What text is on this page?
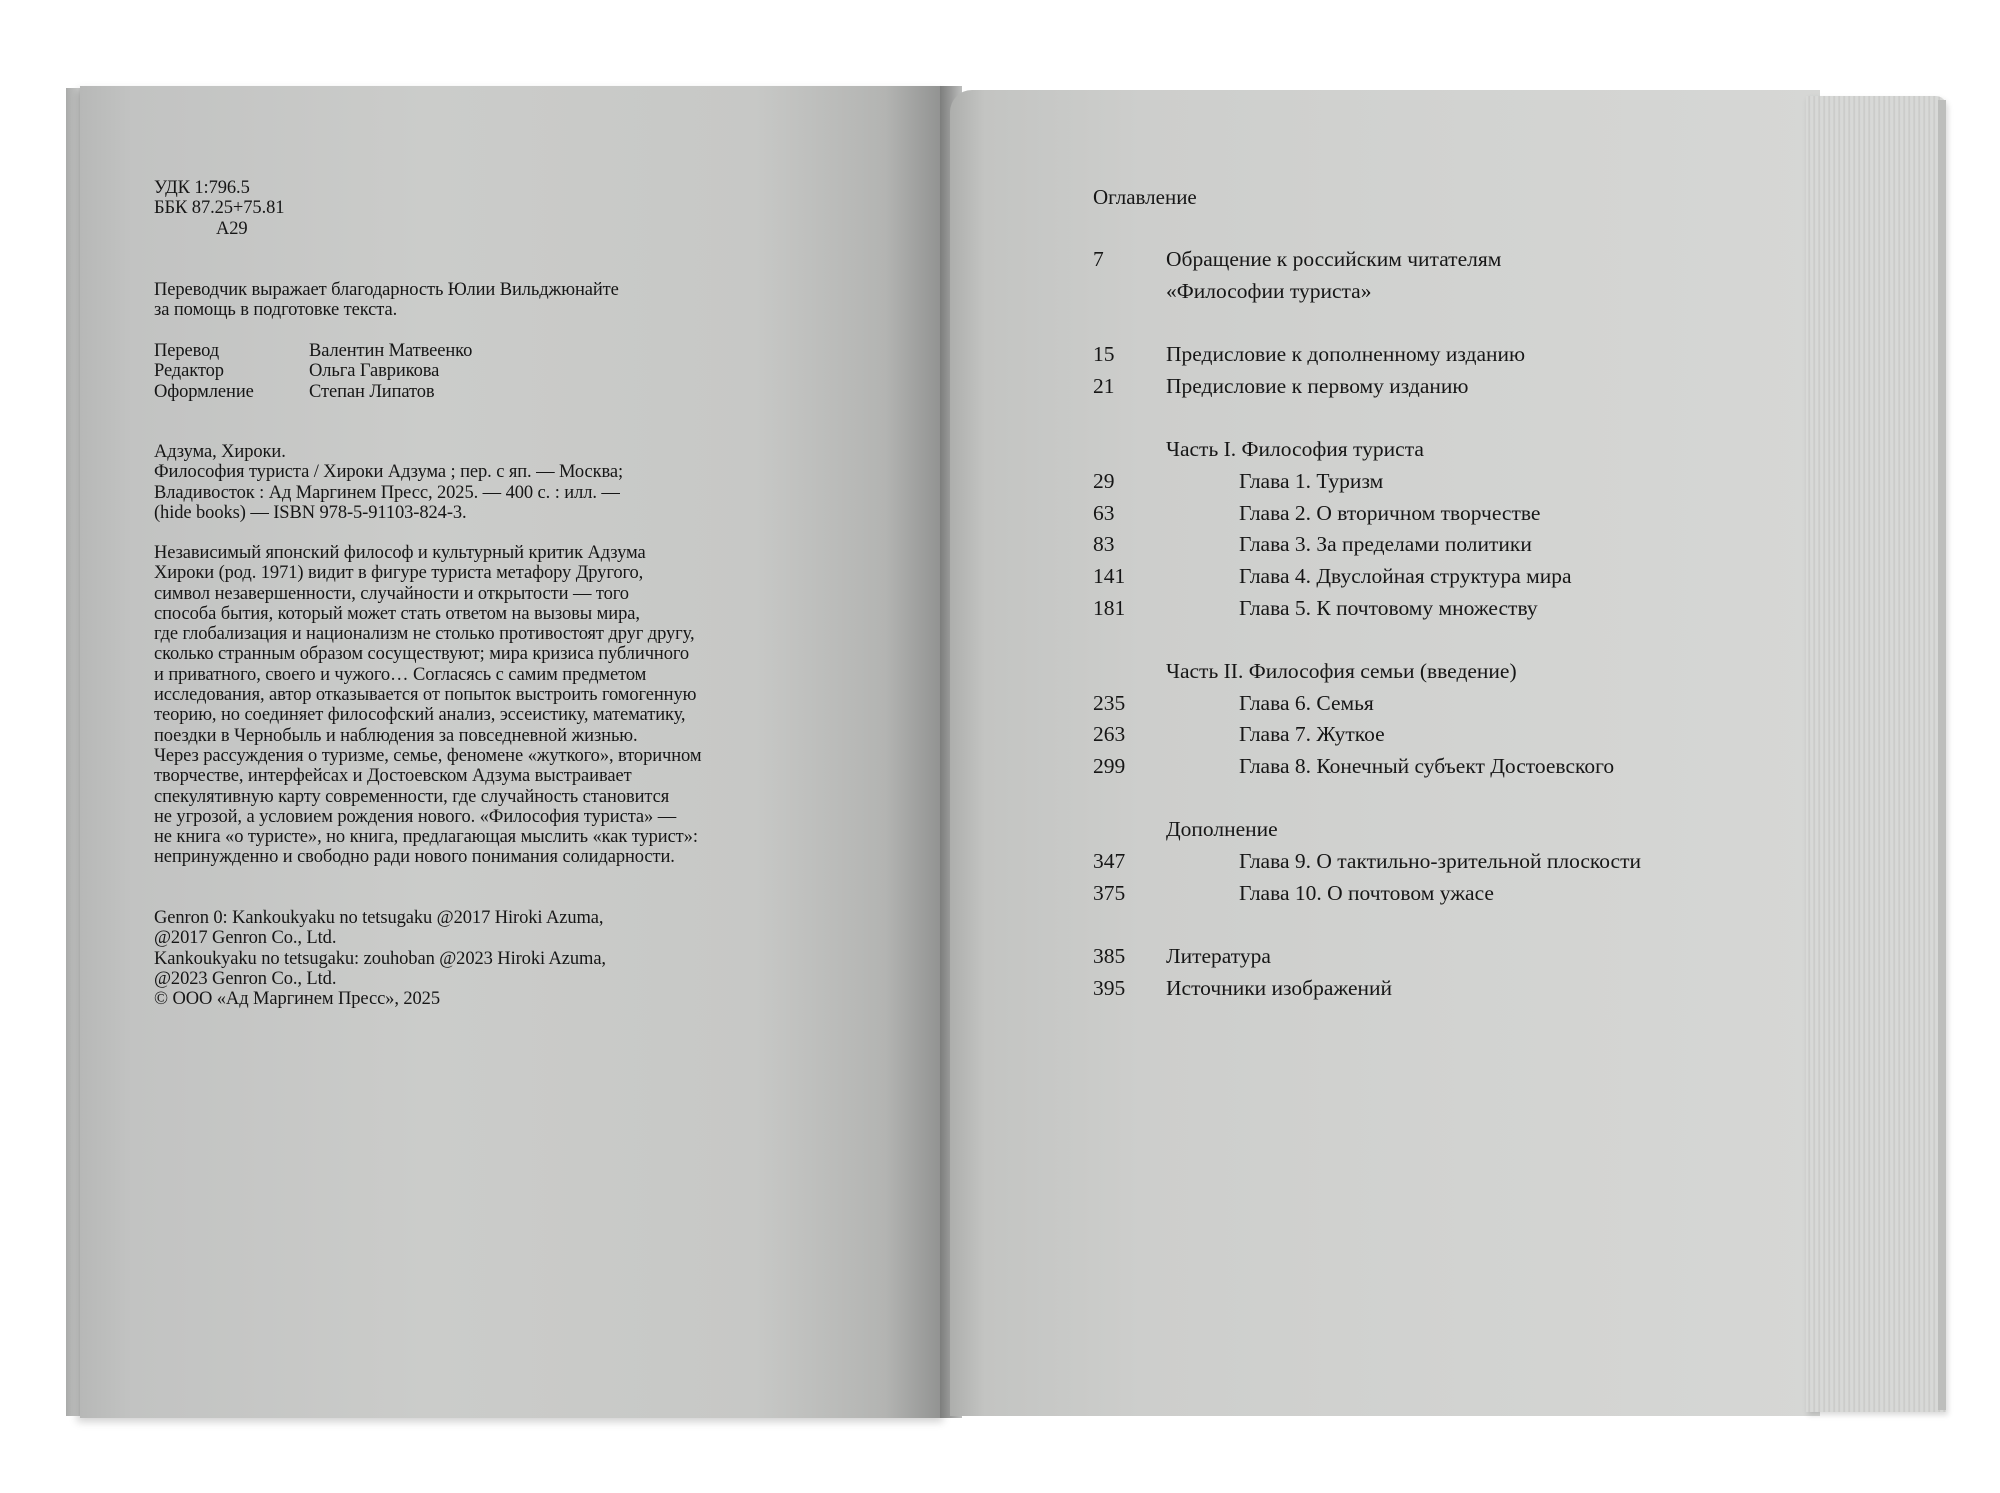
УДК 1:796.5

ББК 87.25+75.81

A29

Переводчик выражает благодарность Юлии Вильджюнайте

за помощь в подготовке текста.

Перевод	Валентин Матвеенко
Редактор	Ольга Гаврикова
Оформление	Степан Липатов

Адзума, Хироки.

Философия туриста / Хироки Адзума ; пер. с яп. — Москва;

Владивосток : Ад Маргинем Пресс, 2025. — 400 с. : илл. —

(hide books) — ISBN 978-5-91103-824-3.

Независимый японский философ и культурный критик Адзума

Хироки (род. 1971) видит в фигуре туриста метафору Другого,

символ незавершенности, случайности и открытости — того

способа бытия, который может стать ответом на вызовы мира,

где глобализация и национализм не столько противостоят друг другу,

сколько странным образом сосуществуют; мира кризиса публичного

и приватного, своего и чужого… Соглаcясь с самим предметом

исследования, автор отказывается от попыток выстроить гомогенную

теорию, но соединяет философский анализ, эссеистику, математику,

поездки в Чернобыль и наблюдения за повседневной жизнью.

Через рассуждения о туризме, семье, феномене «жуткого», вторичном

творчестве, интерфейсах и Достоевском Адзума выстраивает

спекулятивную карту современности, где случайность становится

не угрозой, а условием рождения нового. «Философия туриста» —

не книга «о туристе», но книга, предлагающая мыслить «как турист»:

непринужденно и свободно ради нового понимания солидарности.

Genron 0: Kankoukyaku no tetsugaku @2017 Hiroki Azuma,

@2017 Genron Co., Ltd.

Kankoukyaku no tetsugaku: zouhoban @2023 Hiroki Azuma,

@2023 Genron Co., Ltd.

© ООО «Ад Маргинем Пресс», 2025

Оглавление
7	Обращение к российским читателям
«Философии туриста»
15 Предисловие к дополненному изданию
21 Предисловие к первому изданию
Часть I. Философия туриста
29	Глава 1. Туризм
63	Глава 2. О вторичном творчестве
83	Глава 3. За пределами политики
141	Глава 4. Двуслойная структура мира
181	Глава 5. К почтовому множеству
Часть II. Философия семьи (введение)
235	Глава 6. Семья
263	Глава 7. Жуткое
299	Глава 8. Конечный субъект Достоевского
Дополнение
347	Глава 9. О тактильно-зрительной плоскости
375	Глава 10. О почтовом ужасе
385 Литература
395 Источники изображений
